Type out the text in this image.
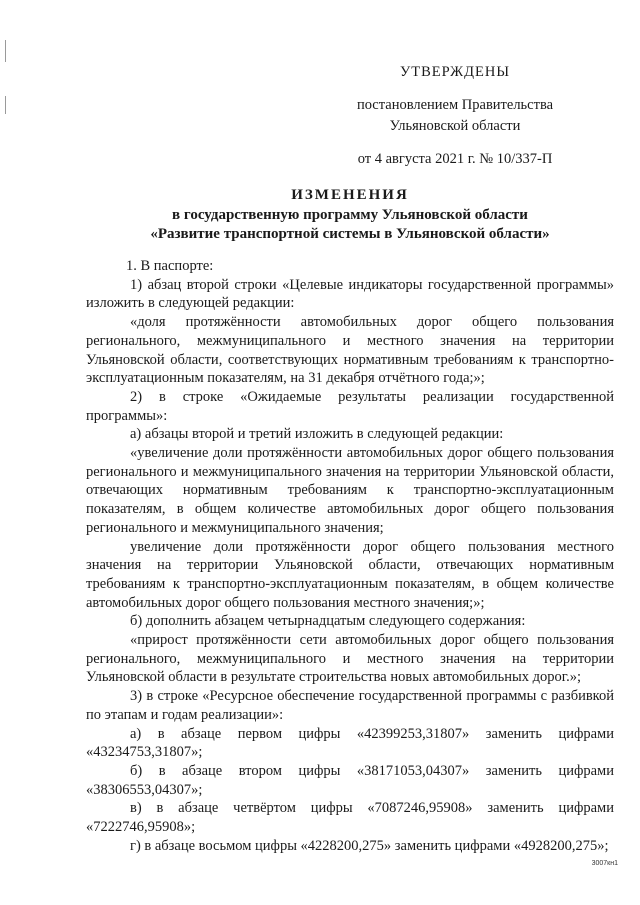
УТВЕРЖДЕНЫ
постановлением Правительства
Ульяновской области
от 4 августа 2021 г. № 10/337-П
ИЗМЕНЕНИЯ
в государственную программу Ульяновской области
«Развитие транспортной системы в Ульяновской области»

1. В паспорте:

1) абзац второй строки «Целевые индикаторы государственной программы» изложить в следующей редакции:

«доля протяжённости автомобильных дорог общего пользования регионального, межмуниципального и местного значения на территории Ульяновской области, соответствующих нормативным требованиям к транспортно-эксплуатационным показателям, на 31 декабря отчётного года;»;

2) в строке «Ожидаемые результаты реализации государственной программы»:

а) абзацы второй и третий изложить в следующей редакции:

«увеличение доли протяжённости автомобильных дорог общего пользования регионального и межмуниципального значения на территории Ульяновской области, отвечающих нормативным требованиям к транспортно-эксплуатационным показателям, в общем количестве автомобильных дорог общего пользования регионального и межмуниципального значения;

увеличение доли протяжённости дорог общего пользования местного значения на территории Ульяновской области, отвечающих нормативным требованиям к транспортно-эксплуатационным показателям, в общем количестве автомобильных дорог общего пользования местного значения;»;

б) дополнить абзацем четырнадцатым следующего содержания:

«прирост протяжённости сети автомобильных дорог общего пользования регионального, межмуниципального и местного значения на территории Ульяновской области в результате строительства новых автомобильных дорог.»;

3) в строке «Ресурсное обеспечение государственной программы с разбивкой по этапам и годам реализации»:

а) в абзаце первом цифры «42399253,31807» заменить цифрами «43234753,31807»;

б) в абзаце втором цифры «38171053,04307» заменить цифрами «38306553,04307»;

в) в абзаце четвёртом цифры «7087246,95908» заменить цифрами «7222746,95908»;

г) в абзаце восьмом цифры «4228200,275» заменить цифрами «4928200,275»;

3007кн1
